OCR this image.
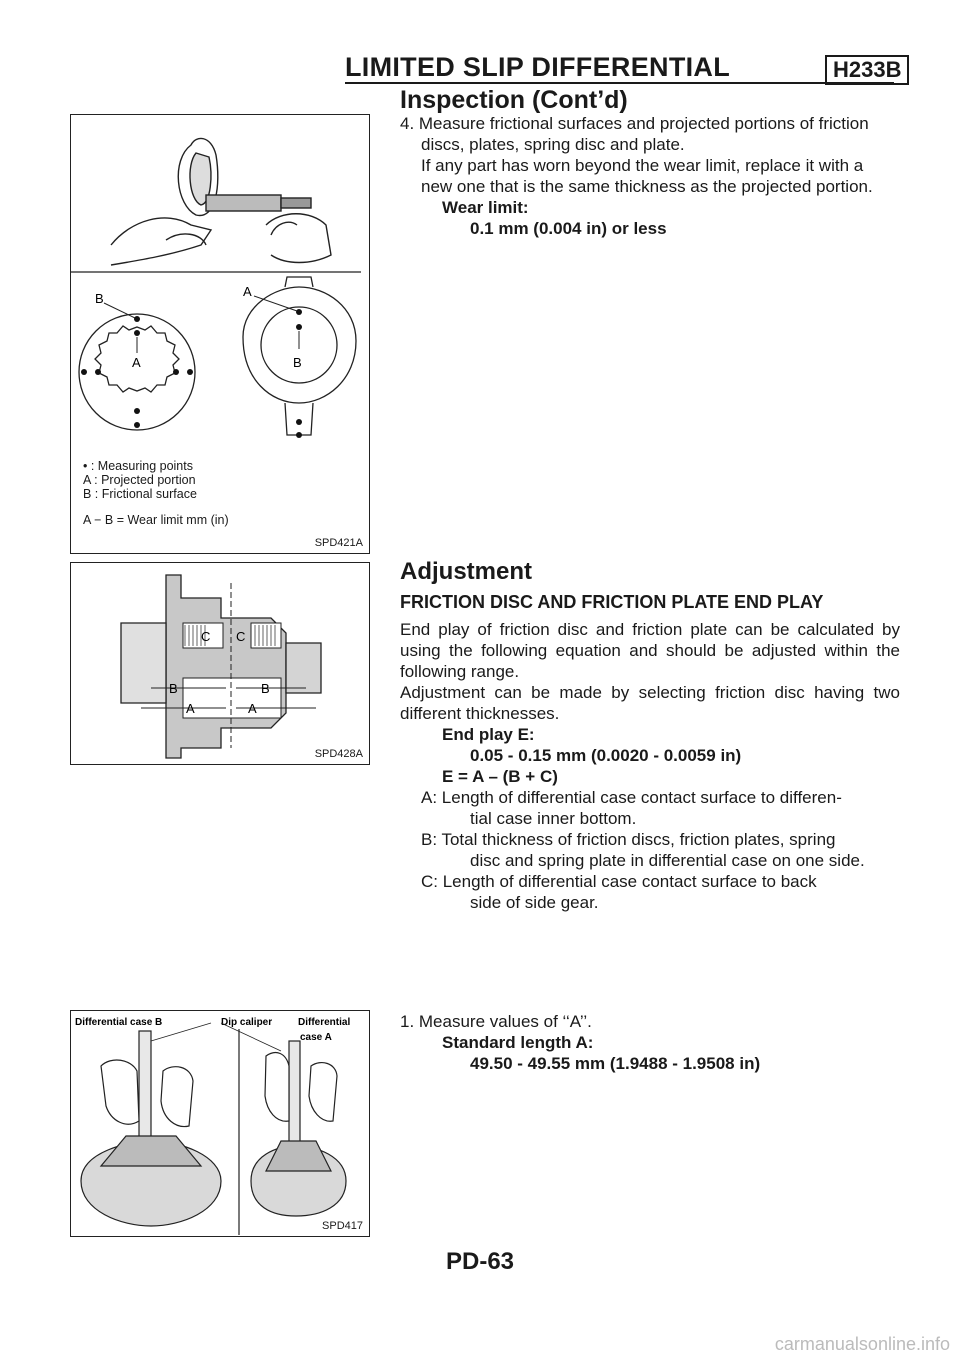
LIMITED SLIP DIFFERENTIAL	H233B
Inspection (Cont’d)
B
A
A
B
• : Measuring points
A : Projected portion
B : Frictional surface
A − B = Wear limit mm (in)
SPD421A
C C
B	B
A	A
SPD428A
Differential case B	Dip caliper	Differential
case A
SPD417

4. Measure frictional surfaces and projected portions of friction

discs, plates, spring disc and plate.

If any part has worn beyond the wear limit, replace it with a

new one that is the same thickness as the projected portion.

Wear limit:

0.1 mm (0.004 in) or less

Adjustment
FRICTION DISC AND FRICTION PLATE END PLAY

End play of friction disc and friction plate can be calculated by using the following equation and should be adjusted within the following range.

Adjustment can be made by selecting friction disc having two different thicknesses.

End play E:

0.05 - 0.15 mm (0.0020 - 0.0059 in)

E = A – (B + C)

A: Length of differential case contact surface to differen-

tial case inner bottom.

B: Total thickness of friction discs, friction plates, spring

disc and spring plate in differential case on one side.

C: Length of differential case contact surface to back

side of side gear.

1. Measure values of ‘‘A’’.

Standard length A:

49.50 - 49.55 mm (1.9488 - 1.9508 in)

PD-63
carmanualsonline.info
